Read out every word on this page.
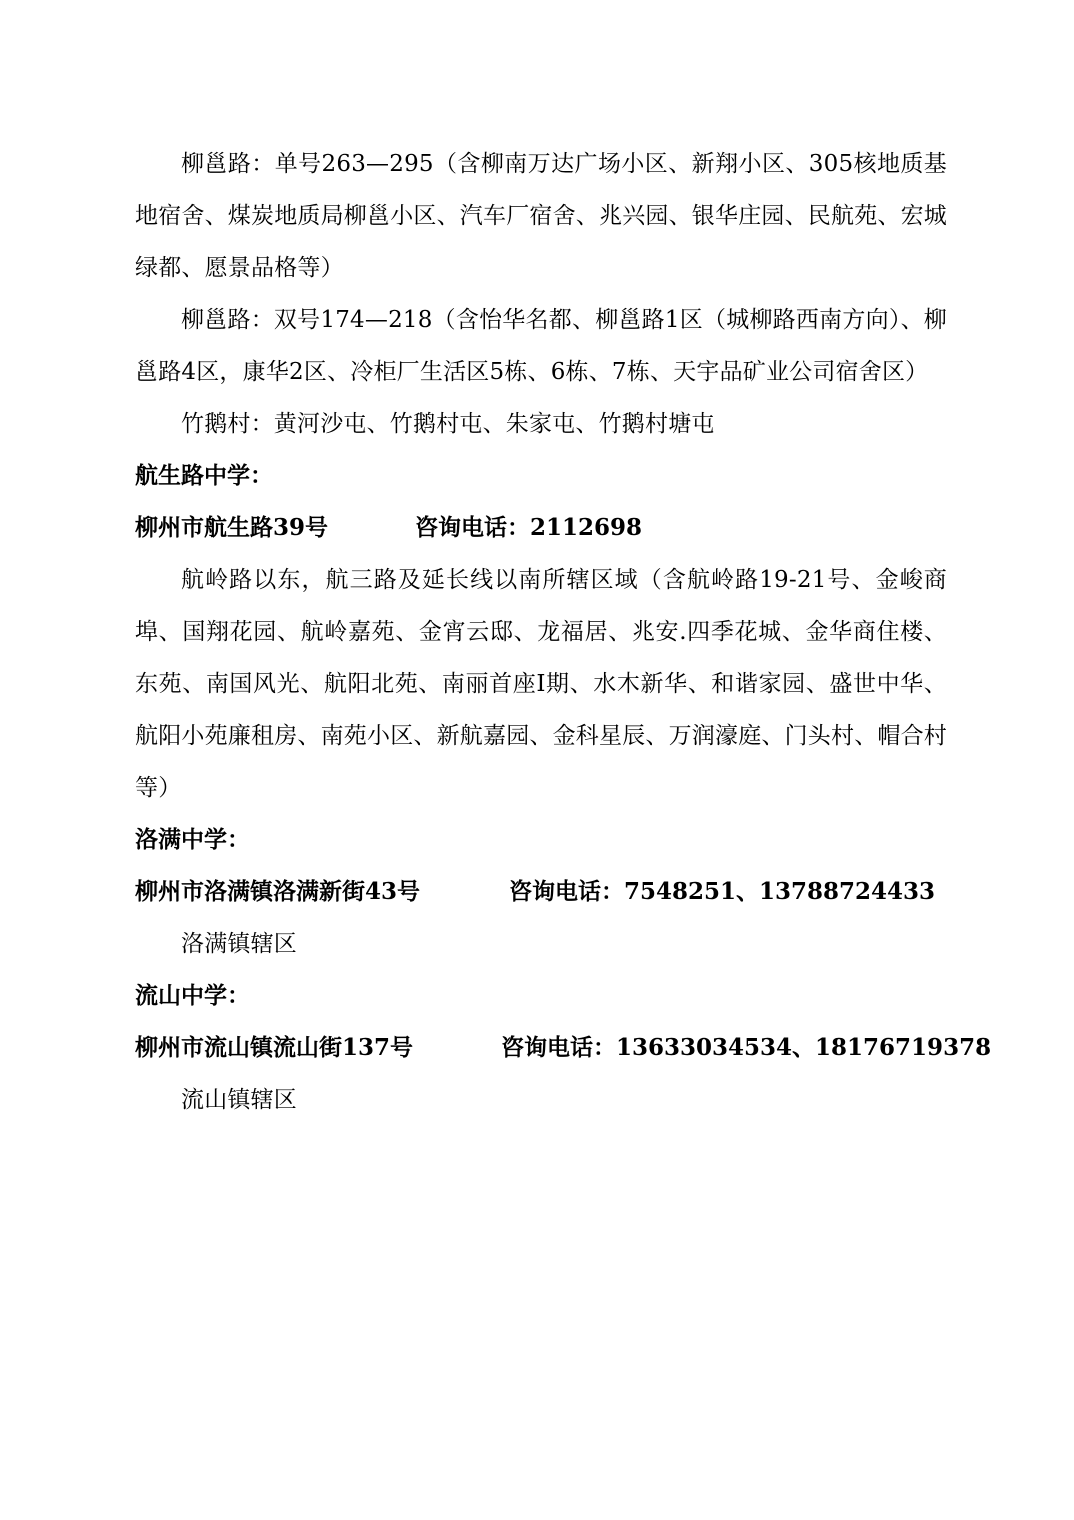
柳邕路：单号263—295（含柳南万达广场小区、新翔小区、305核地质基地宿舍、煤炭地质局柳邕小区、汽车厂宿舍、兆兴园、银华庄园、民航苑、宏城绿都、愿景品格等）

柳邕路：双号174—218（含怡华名都、柳邕路1区（城柳路西南方向）、柳邕路4区，康华2区、冷柜厂生活区5栋、6栋、7栋、天宇品矿业公司宿舍区）

竹鹅村：黄河沙屯、竹鹅村屯、朱家屯、竹鹅村塘屯

航生路中学：

柳州市航生路39号	咨询电话：2112698

航岭路以东，航三路及延长线以南所辖区域（含航岭路19-21号、金峻商埠、国翔花园、航岭嘉苑、金宵云邸、龙福居、兆安.四季花城、金华商住楼、东苑、南国风光、航阳北苑、南丽首座Ⅰ期、水木新华、和谐家园、盛世中华、航阳小苑廉租房、南苑小区、新航嘉园、金科星辰、万润濠庭、门头村、帽合村等）

洛满中学：

柳州市洛满镇洛满新街43号	咨询电话：7548251、13788724433

洛满镇辖区

流山中学：

柳州市流山镇流山街137号	咨询电话：13633034534、18176719378

流山镇辖区
